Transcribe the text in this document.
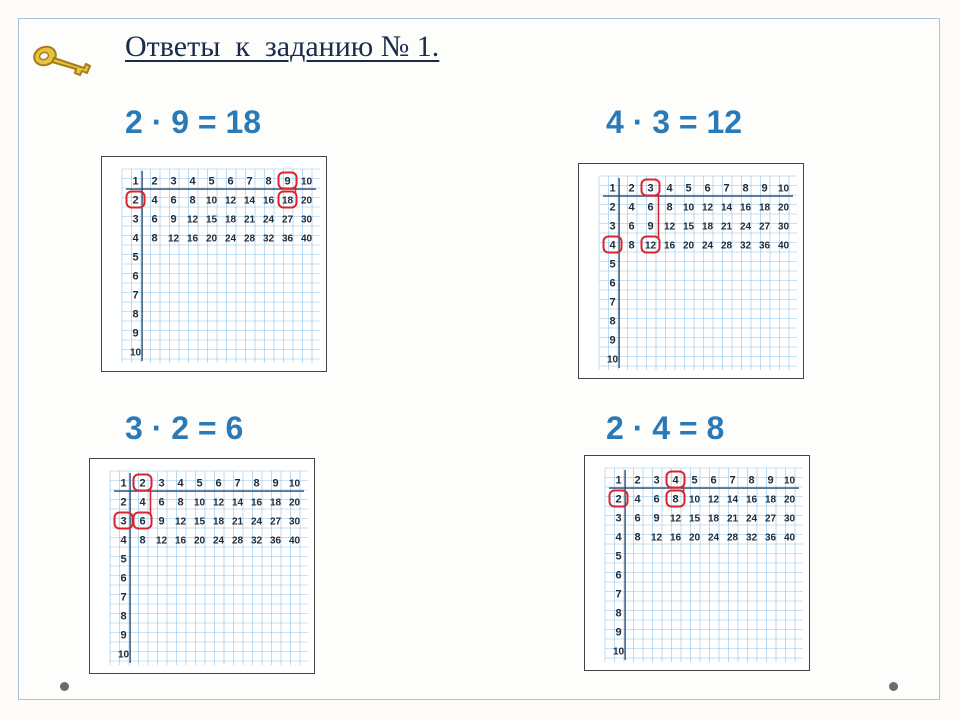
Ответы  к  заданию № 1.
2 · 9 = 18	4 · 3 = 12
3 · 2 = 6	2 · 4 = 8
1 2 3 4 5 6 7 8 9 10
2
3
4
5
6
7
8
9
10
4 6 8 10 12 14 16 18 20
6 9 12 15 18 21 24 27 30
8 12 16 20 24 28 32 36 40
1 2 3 4 5 6 7 8 9 10
2
3
4
5
6
7
8
9
10
4 6 8 10 12 14 16 18 20
6 9 12 15 18 21 24 27 30
8 12 16 20 24 28 32 36 40
1 2 3 4 5 6 7 8 9 10
2
3
4
5
6
7
8
9
10
4 6 8 10 12 14 16 18 20
6 9 12 15 18 21 24 27 30
8 12 16 20 24 28 32 36 40
1 2 3 4 5 6 7 8 9 10
2
3
4
5
6
7
8
9
10
4 6 8 10 12 14 16 18 20
6 9 12 15 18 21 24 27 30
8 12 16 20 24 28 32 36 40
